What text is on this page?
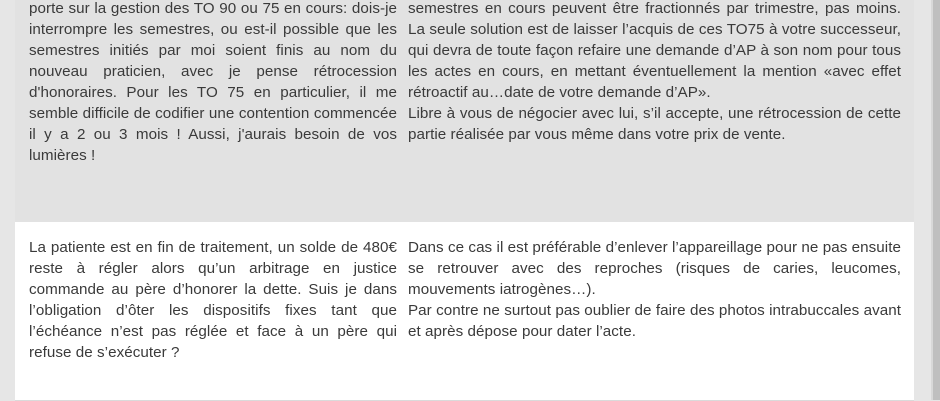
porte sur la gestion des TO 90 ou 75 en cours: dois-je interrompre les semestres, ou est-il possible que les semestres initiés par moi soient finis au nom du nouveau praticien, avec je pense rétrocession d'honoraires. Pour les TO 75 en particulier, il me semble difficile de codifier une contention commencée il y a 2 ou 3 mois ! Aussi, j'aurais besoin de vos lumières !

semestres en cours peuvent être fractionnés par trimestre, pas moins. La seule solution est de laisser l’acquis de ces TO75 à votre successeur, qui devra de toute façon refaire une demande d’AP à son nom pour tous les actes en cours, en mettant éventuellement la mention «avec effet rétroactif au…date de votre demande d’AP».

Libre à vous de négocier avec lui, s’il accepte, une rétrocession de cette partie réalisée par vous même dans votre prix de vente.

La patiente est en fin de traitement, un solde de 480€ reste à régler alors qu’un arbitrage en justice commande au père d’honorer la dette. Suis je dans l’obligation d’ôter les dispositifs fixes tant que l’échéance n’est pas réglée et face à un père qui refuse de s’exécuter ?

Dans ce cas il est préférable d’enlever l’appareillage pour ne pas ensuite se retrouver avec des reproches (risques de caries, leucomes, mouvements iatrogènes…).

Par contre ne surtout pas oublier de faire des photos intrabuccales avant et après dépose pour dater l’acte.
